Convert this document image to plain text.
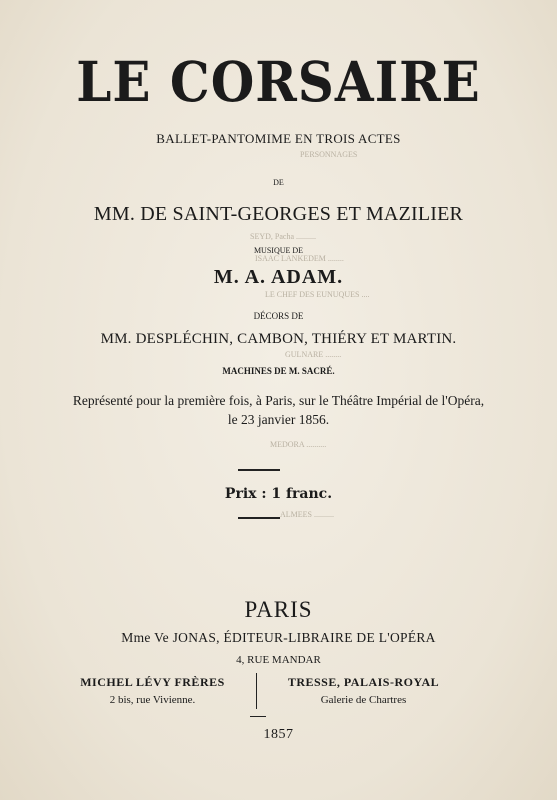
PERSONNAGES
SEYD, Pacha ..........
ISAAC LANKEDEM ........
LE CHEF DES EUNUQUES ....
GULNARE ........
MEDORA ..........
ALMEES ..........
LE CORSAIRE
BALLET-PANTOMIME EN TROIS ACTES
DE
MM. DE SAINT-GEORGES ET MAZILIER
MUSIQUE DE
M. A. ADAM.
DÉCORS DE
MM. DESPLÉCHIN, CAMBON, THIÉRY ET MARTIN.
MACHINES DE M. SACRÉ.
Représenté pour la première fois, à Paris, sur le Théâtre Impérial de l'Opéra,
le 23 janvier 1856.
Prix : 1 franc.
PARIS
Mme Ve JONAS, ÉDITEUR-LIBRAIRE DE L'OPÉRA
4, RUE MANDAR
MICHEL LÉVY FRÈRES
2 bis, rue Vivienne.
TRESSE, PALAIS-ROYAL
Galerie de Chartres
1857
